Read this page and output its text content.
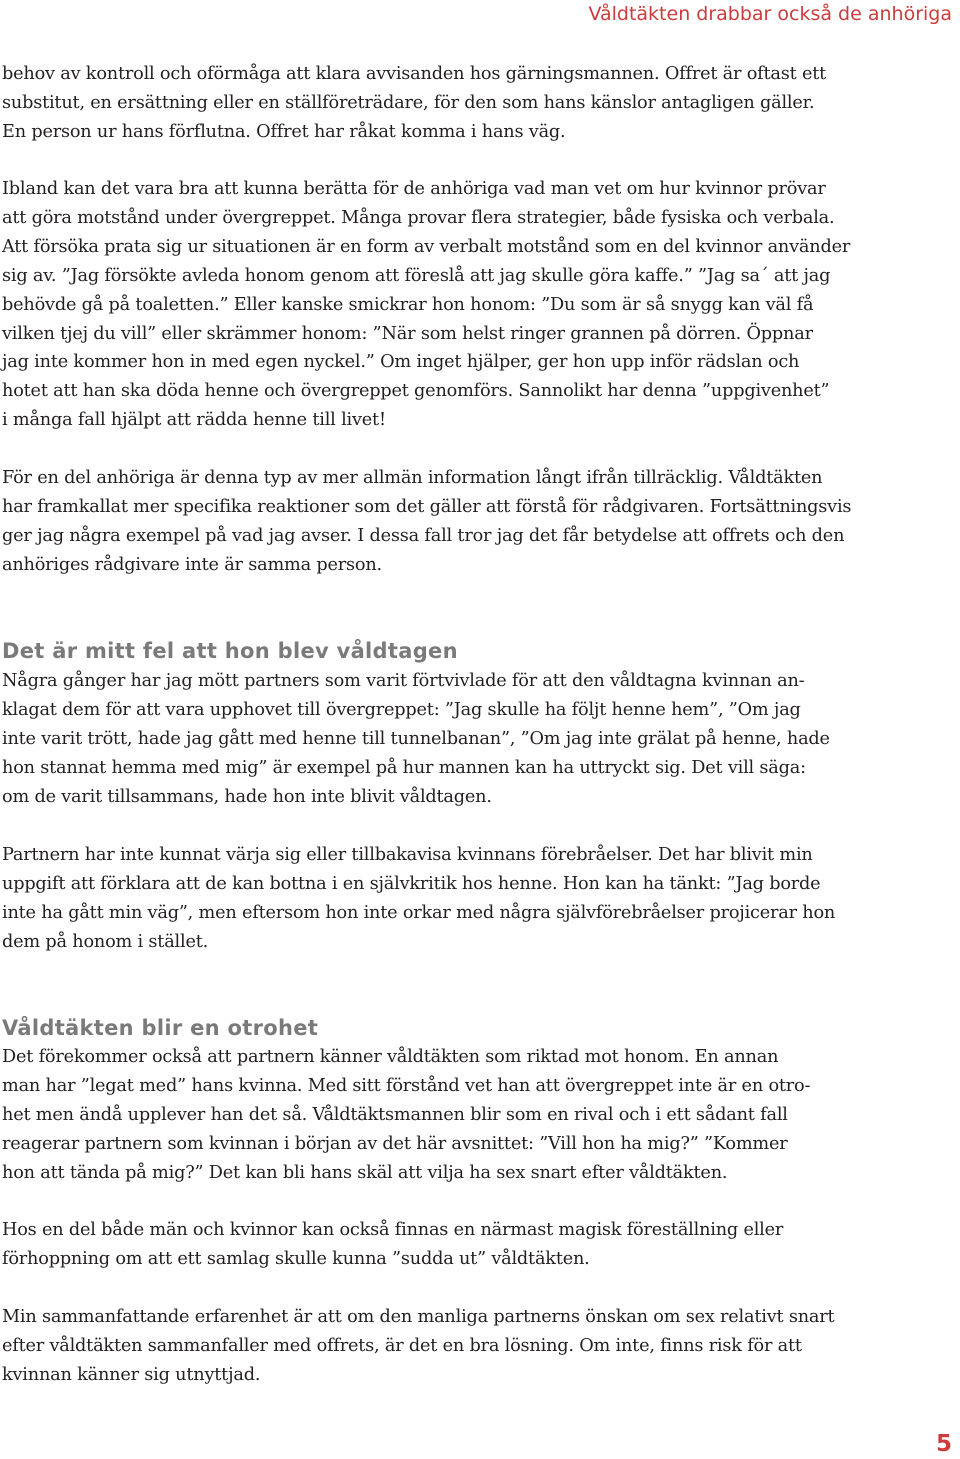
Våldtäkten drabbar också de anhöriga

behov av kontroll och oförmåga att klara avvisanden hos gärningsmannen. Offret är oftast ett
substitut, en ersättning eller en ställföreträdare, för den som hans känslor antagligen gäller.
En person ur hans förflutna. Offret har råkat komma i hans väg.

Ibland kan det vara bra att kunna berätta för de anhöriga vad man vet om hur kvinnor prövar
att göra motstånd under övergreppet. Många provar flera strategier, både fysiska och verbala.
Att försöka prata sig ur situationen är en form av verbalt motstånd som en del kvinnor använder
sig av. ”Jag försökte avleda honom genom att föreslå att jag skulle göra kaffe.” ”Jag sa´ att jag
behövde gå på toaletten.” Eller kanske smickrar hon honom: ”Du som är så snygg kan väl få
vilken tjej du vill” eller skrämmer honom: ”När som helst ringer grannen på dörren. Öppnar
jag inte kommer hon in med egen nyckel.” Om inget hjälper, ger hon upp inför rädslan och
hotet att han ska döda henne och övergreppet genomförs. Sannolikt har denna ”uppgivenhet”
i många fall hjälpt att rädda henne till livet!

För en del anhöriga är denna typ av mer allmän information långt ifrån tillräcklig. Våldtäkten
har framkallat mer specifika reaktioner som det gäller att förstå för rådgivaren. Fortsättningsvis
ger jag några exempel på vad jag avser. I dessa fall tror jag det får betydelse att offrets och den
anhöriges rådgivare inte är samma person.

Det är mitt fel att hon blev våldtagen

Några gånger har jag mött partners som varit förtvivlade för att den våldtagna kvinnan an-
klagat dem för att vara upphovet till övergreppet: ”Jag skulle ha följt henne hem”, ”Om jag
inte varit trött, hade jag gått med henne till tunnelbanan”, ”Om jag inte grälat på henne, hade
hon stannat hemma med mig” är exempel på hur mannen kan ha uttryckt sig. Det vill säga:
om de varit tillsammans, hade hon inte blivit våldtagen.

Partnern har inte kunnat värja sig eller tillbakavisa kvinnans förebråelser. Det har blivit min
uppgift att förklara att de kan bottna i en självkritik hos henne. Hon kan ha tänkt: ”Jag borde
inte ha gått min väg”, men eftersom hon inte orkar med några självförebråelser projicerar hon
dem på honom i stället.

Våldtäkten blir en otrohet

Det förekommer också att partnern känner våldtäkten som riktad mot honom. En annan
man har ”legat med” hans kvinna. Med sitt förstånd vet han att övergreppet inte är en otro-
het men ändå upplever han det så. Våldtäktsmannen blir som en rival och i ett sådant fall
reagerar partnern som kvinnan i början av det här avsnittet: ”Vill hon ha mig?” ”Kommer
hon att tända på mig?” Det kan bli hans skäl att vilja ha sex snart efter våldtäkten.

Hos en del både män och kvinnor kan också finnas en närmast magisk föreställning eller
förhoppning om att ett samlag skulle kunna ”sudda ut” våldtäkten.

Min sammanfattande erfarenhet är att om den manliga partnerns önskan om sex relativt snart
efter våldtäkten sammanfaller med offrets, är det en bra lösning. Om inte, finns risk för att
kvinnan känner sig utnyttjad.

5
